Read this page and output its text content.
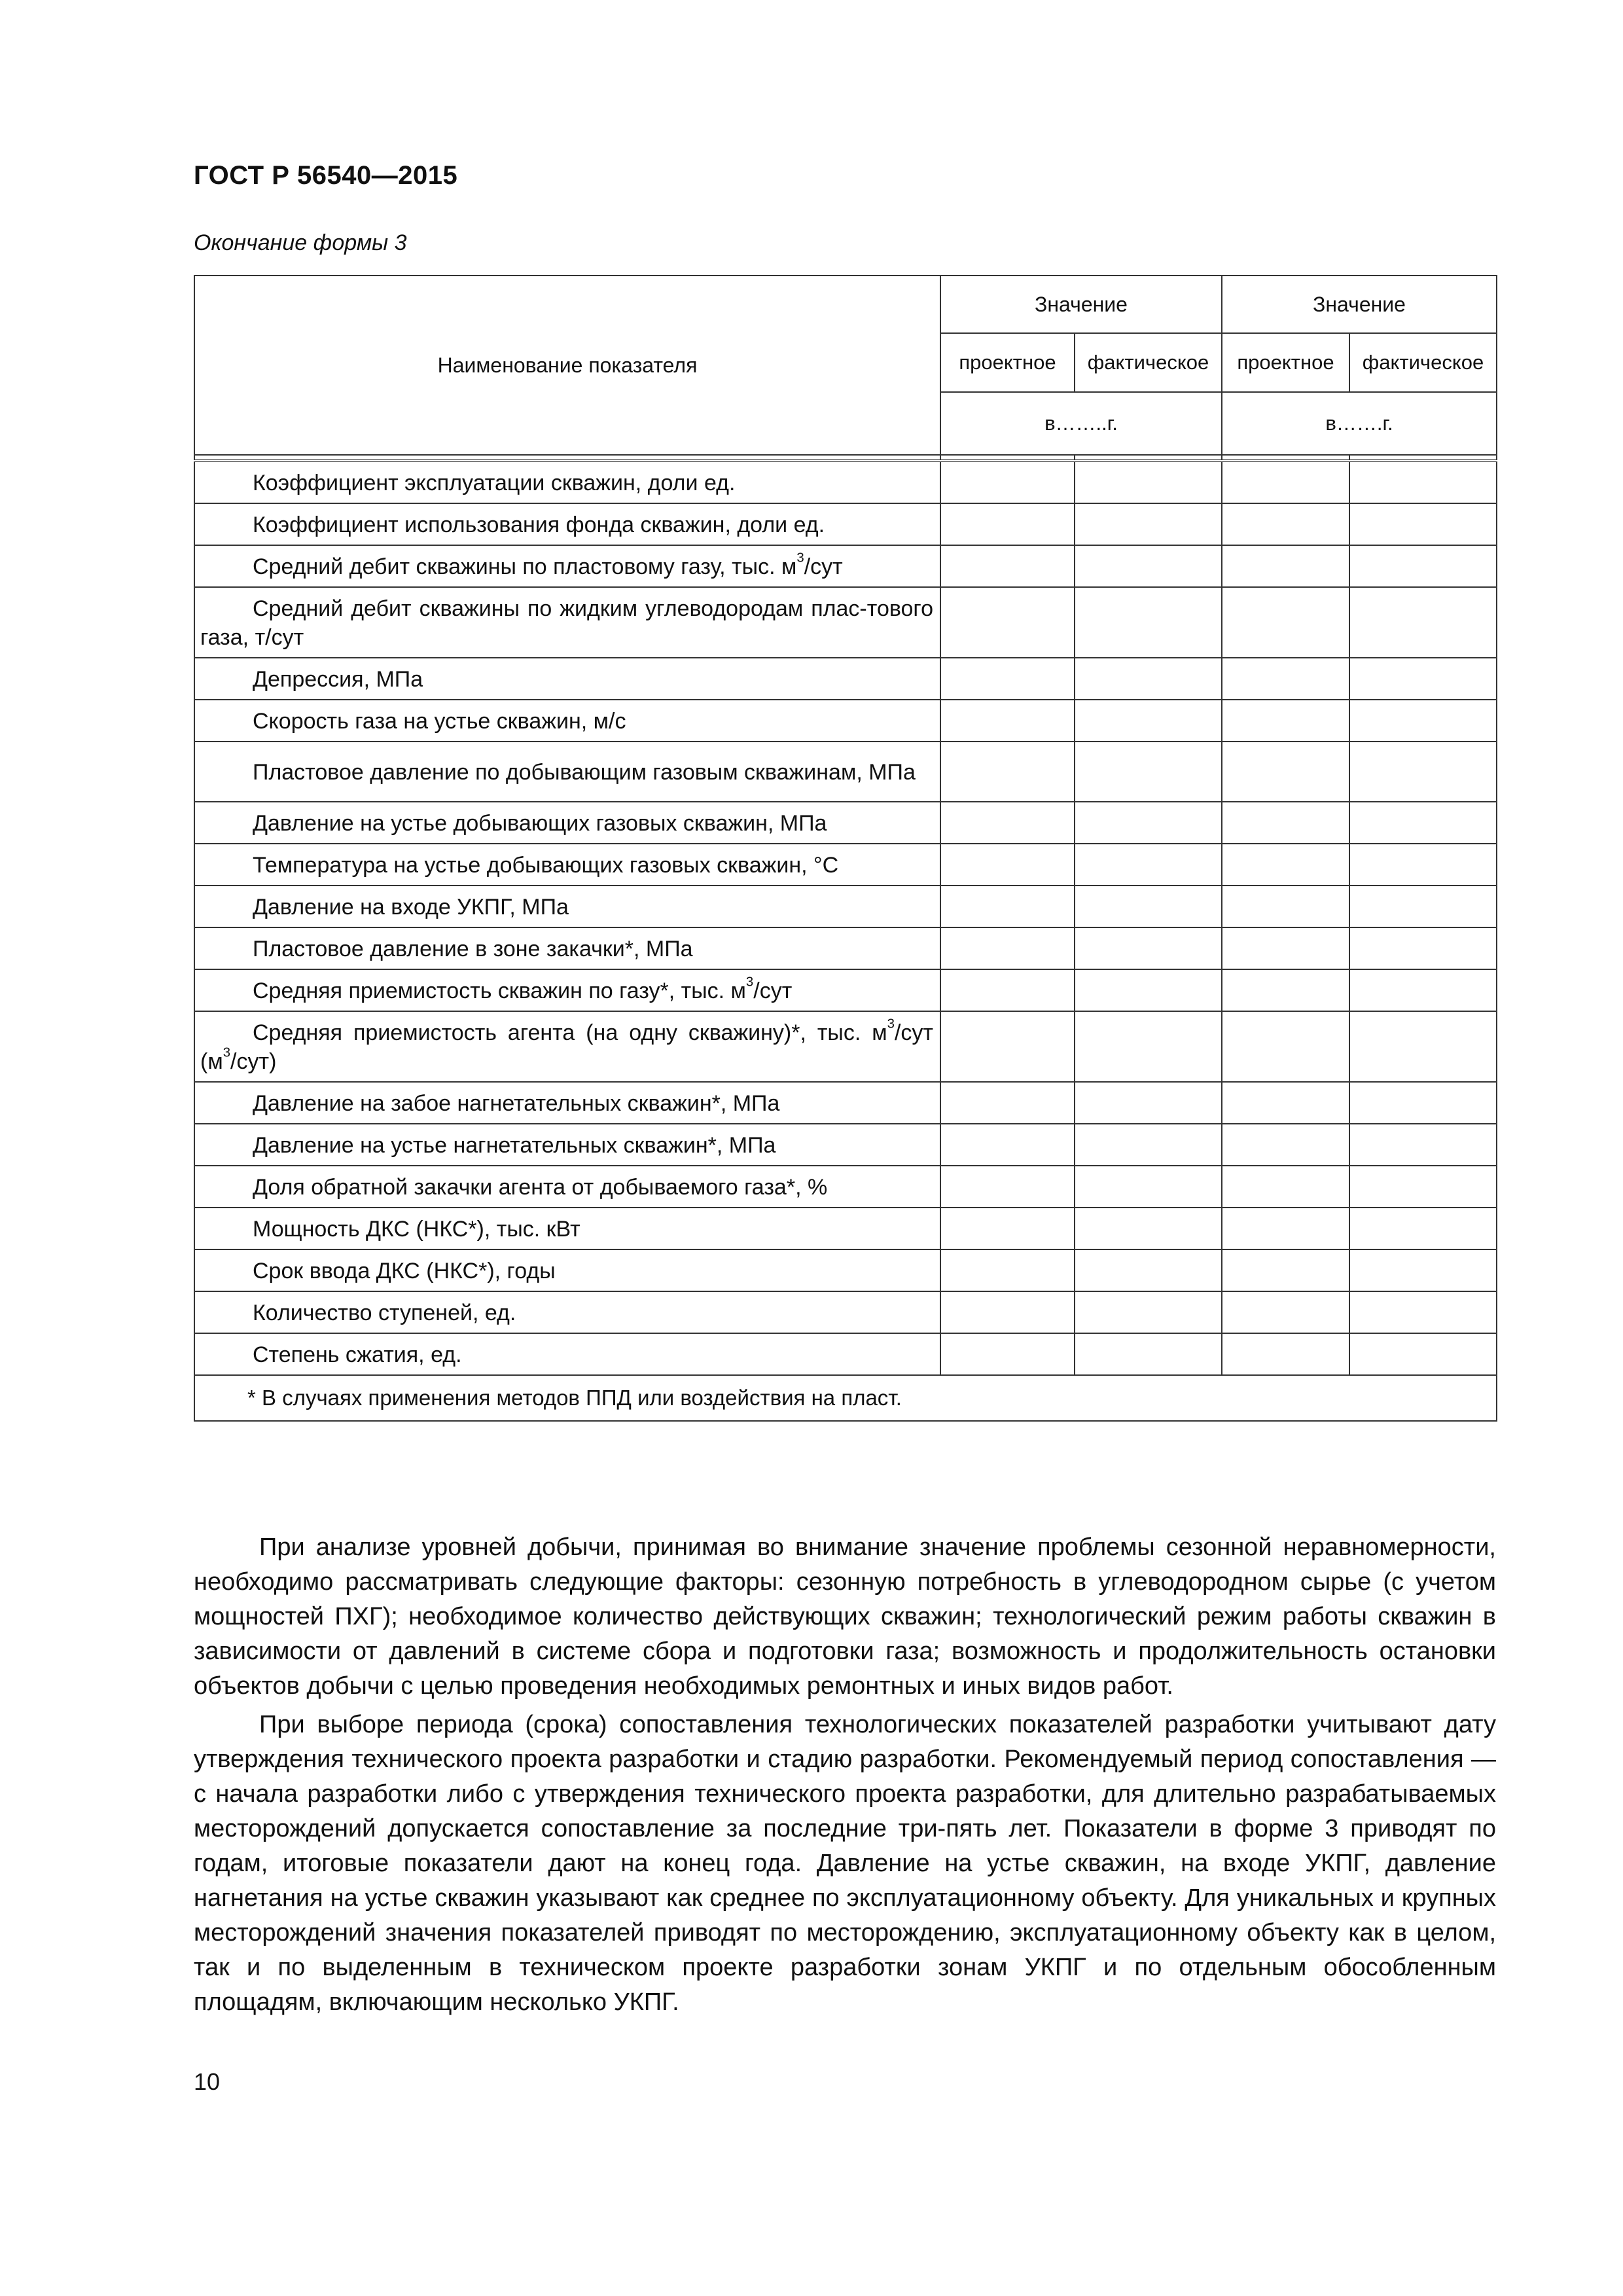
ГОСТ Р 56540—2015
Окончание формы 3
Наименование показателя	Значение		Значение	
	проектное	фактическое	проектное	фактическое
	в……..г.		в…….г.	

Коэффициент эксплуатации скважин, доли ед.				
Коэффициент использования фонда скважин, доли ед.				
Средний дебит скважины по пластовому газу, тыс. $м^3$/сут				
Средний дебит скважины по жидким углеводородам плас-тового газа, т/сут				
Депрессия, МПа				
Скорость газа на устье скважин, м/с				
Пластовое давление по добывающим газовым скважинам, МПа				
Давление на устье добывающих газовых скважин, МПа				
Температура на устье добывающих газовых скважин, °С				
Давление на входе УКПГ, МПа				
Пластовое давление в зоне закачки*, МПа				
Средняя приемистость скважин по газу*, тыс. $м^3$/сут				
Средняя приемистость агента (на одну скважину)*, тыс. $м^3$/сут $(м^3/сут)$				
Давление на забое нагнетательных скважин*, МПа				
Давление на устье нагнетательных скважин*, МПа				
Доля обратной закачки агента от добываемого газа*, %				
Мощность ДКС (НКС*), тыс. кВт				
Срок ввода ДКС (НКС*), годы				
Количество ступеней, ед.				
Степень сжатия, ед.				
* В случаях применения методов ППД или воздействия на пласт.				

При анализе уровней добычи, принимая во внимание значение проблемы сезонной неравномерности, необходимо рассматривать следующие факторы: сезонную потребность в углеводородном сырье (с учетом мощностей ПХГ); необходимое количество действующих скважин; технологический режим работы скважин в зависимости от давлений в системе сбора и подготовки газа; возможность и продолжительность остановки объектов добычи с целью проведения необходимых ремонтных и иных видов работ.

При выборе периода (срока) сопоставления технологических показателей разработки учитывают дату утверждения технического проекта разработки и стадию разработки. Рекомендуемый период сопоставления — с начала разработки либо с утверждения технического проекта разработки, для длительно разрабатываемых месторождений допускается сопоставление за последние три-пять лет. Показатели в форме 3 приводят по годам, итоговые показатели дают на конец года. Давление на устье скважин, на входе УКПГ, давление нагнетания на устье скважин указывают как среднее по эксплуатационному объекту. Для уникальных и крупных месторождений значения показателей приводят по месторождению, эксплуатационному объекту как в целом, так и по выделенным в техническом проекте разработки зонам УКПГ и по отдельным обособленным площадям, включающим несколько УКПГ.

10
